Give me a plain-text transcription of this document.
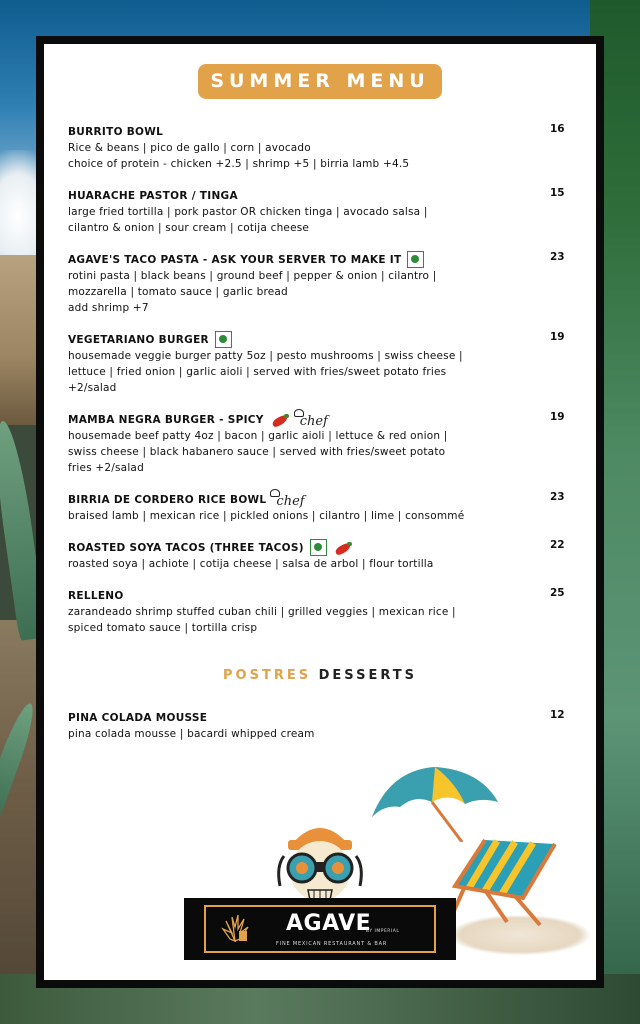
SUMMER MENU
BURRITO BOWL	16
Rice & beans | pico de gallo | corn | avocado
choice of protein - chicken +2.5 | shrimp +5 | birria lamb +4.5
HUARACHE PASTOR / TINGA	15
large fried tortilla | pork pastor OR chicken tinga | avocado salsa |
cilantro & onion | sour cream | cotija cheese
AGAVE'S TACO PASTA - ASK YOUR SERVER TO MAKE IT	23
rotini pasta | black beans | ground beef | pepper & onion | cilantro |
mozzarella | tomato sauce | garlic bread
add shrimp +7
VEGETARIANO BURGER	19
housemade veggie burger patty 5oz | pesto mushrooms | swiss cheese |
lettuce | fried onion | garlic aioli | served with fries/sweet potato fries
+2/salad
MAMBA NEGRA BURGER - SPICY	chef	19
housemade beef patty 4oz | bacon | garlic aioli | lettuce & red onion |
swiss cheese | black habanero sauce | served with fries/sweet potato
fries +2/salad
BIRRIA DE CORDERO RICE BOWL chef	23
braised lamb | mexican rice | pickled onions | cilantro | lime | consommé
ROASTED SOYA TACOS (THREE TACOS)	22
roasted soya | achiote | cotija cheese | salsa de arbol | flour tortilla
RELLENO	25
zarandeado shrimp stuffed cuban chili | grilled veggies | mexican rice |
spiced tomato sauce | tortilla crisp
POSTRES DESSERTS
PINA COLADA MOUSSE	12
pina colada mousse | bacardi whipped cream
AGAVE
BY IMPERIAL
FINE MEXICAN RESTAURANT & BAR
